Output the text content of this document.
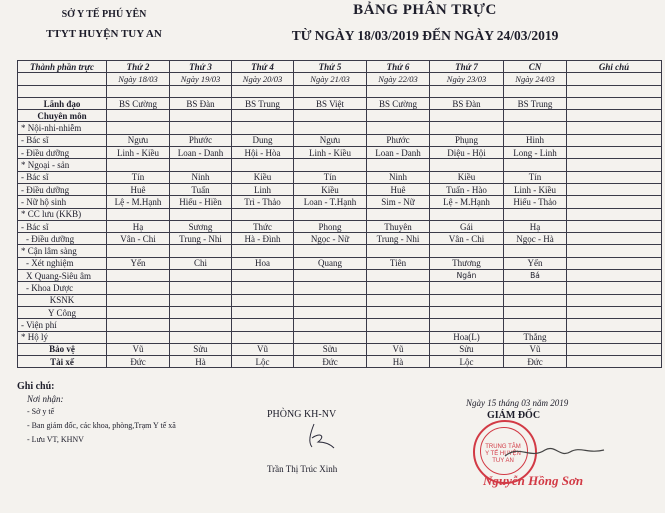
SỞ Y TẾ PHÚ YÊN
TTYT HUYỆN TUY AN
BẢNG PHÂN TRỰC
TỪ NGÀY 18/03/2019 ĐẾN NGÀY 24/03/2019
Thành phần trực	Thứ 2	Thứ 3	Thứ 4	Thứ 5	Thứ 6	Thứ 7	CN	Ghi chú
	Ngày 18/03	Ngày 19/03	Ngày 20/03	Ngày 21/03	Ngày 22/03	Ngày 23/03	Ngày 24/03	

Lãnh đạo	BS Cường	BS Đàn	BS Trung	BS Việt	BS Cường	BS Đàn	BS Trung	
Chuyên môn								
* Nội-nhi-nhiễm								
- Bác sĩ	Ngưu	Phước	Dung	Ngưu	Phước	Phụng	Hinh	
- Điều dưỡng	Linh - Kiều	Loan - Danh	Hội - Hòa	Linh - Kiều	Loan - Danh	Diệu - Hội	Long - Linh	
* Ngoại - sản								
- Bác sĩ	Tín	Ninh	Kiều	Tín	Ninh	Kiều	Tín	
- Điều dưỡng	Huê	Tuấn	Linh	Kiều	Huê	Tuấn - Hào	Linh - Kiều	
- Nữ hộ sinh	Lệ - M.Hạnh	Hiếu - Hiền	Trì - Thảo	Loan - T.Hạnh	Sim - Nữ	Lệ - M.Hạnh	Hiếu - Thảo	
* CC lưu (KKB)								
- Bác sĩ	Hạ	Sương	Thức	Phong	Thuyên	Gái	Hạ	
- Điều dưỡng	Vân - Chi	Trung - Nhi	Hà - Đình	Ngọc - Nữ	Trung - Nhi	Vân - Chi	Ngọc - Hà	
* Cận lâm sàng								
- Xét nghiệm	Yến	Chi	Hoa	Quang	Tiên	Thương	Yến	
X Quang-Siêu âm						Ngân	Bá	
- Khoa Dược								
KSNK								
Y Công								
- Viện phí								
* Hộ lý						Hoa(L)	Thắng	
Bảo vệ	Vũ	Sửu	Vũ	Sửu	Vũ	Sửu	Vũ	
Tài xế	Đức	Hà	Lộc	Đức	Hà	Lộc	Đức	
Ghi chú:
Nơi nhận:
- Sở y tế
- Ban giám đốc, các khoa, phòng,Trạm Y tế xã
- Lưu VT, KHNV
PHÒNG KH-NV
Trần Thị Trúc Xinh
Ngày 15 tháng 03 năm 2019
GIÁM ĐỐC
TRUNG TÂM Y TẾ HUYỆN TUY AN
Nguyễn Hồng Sơn
